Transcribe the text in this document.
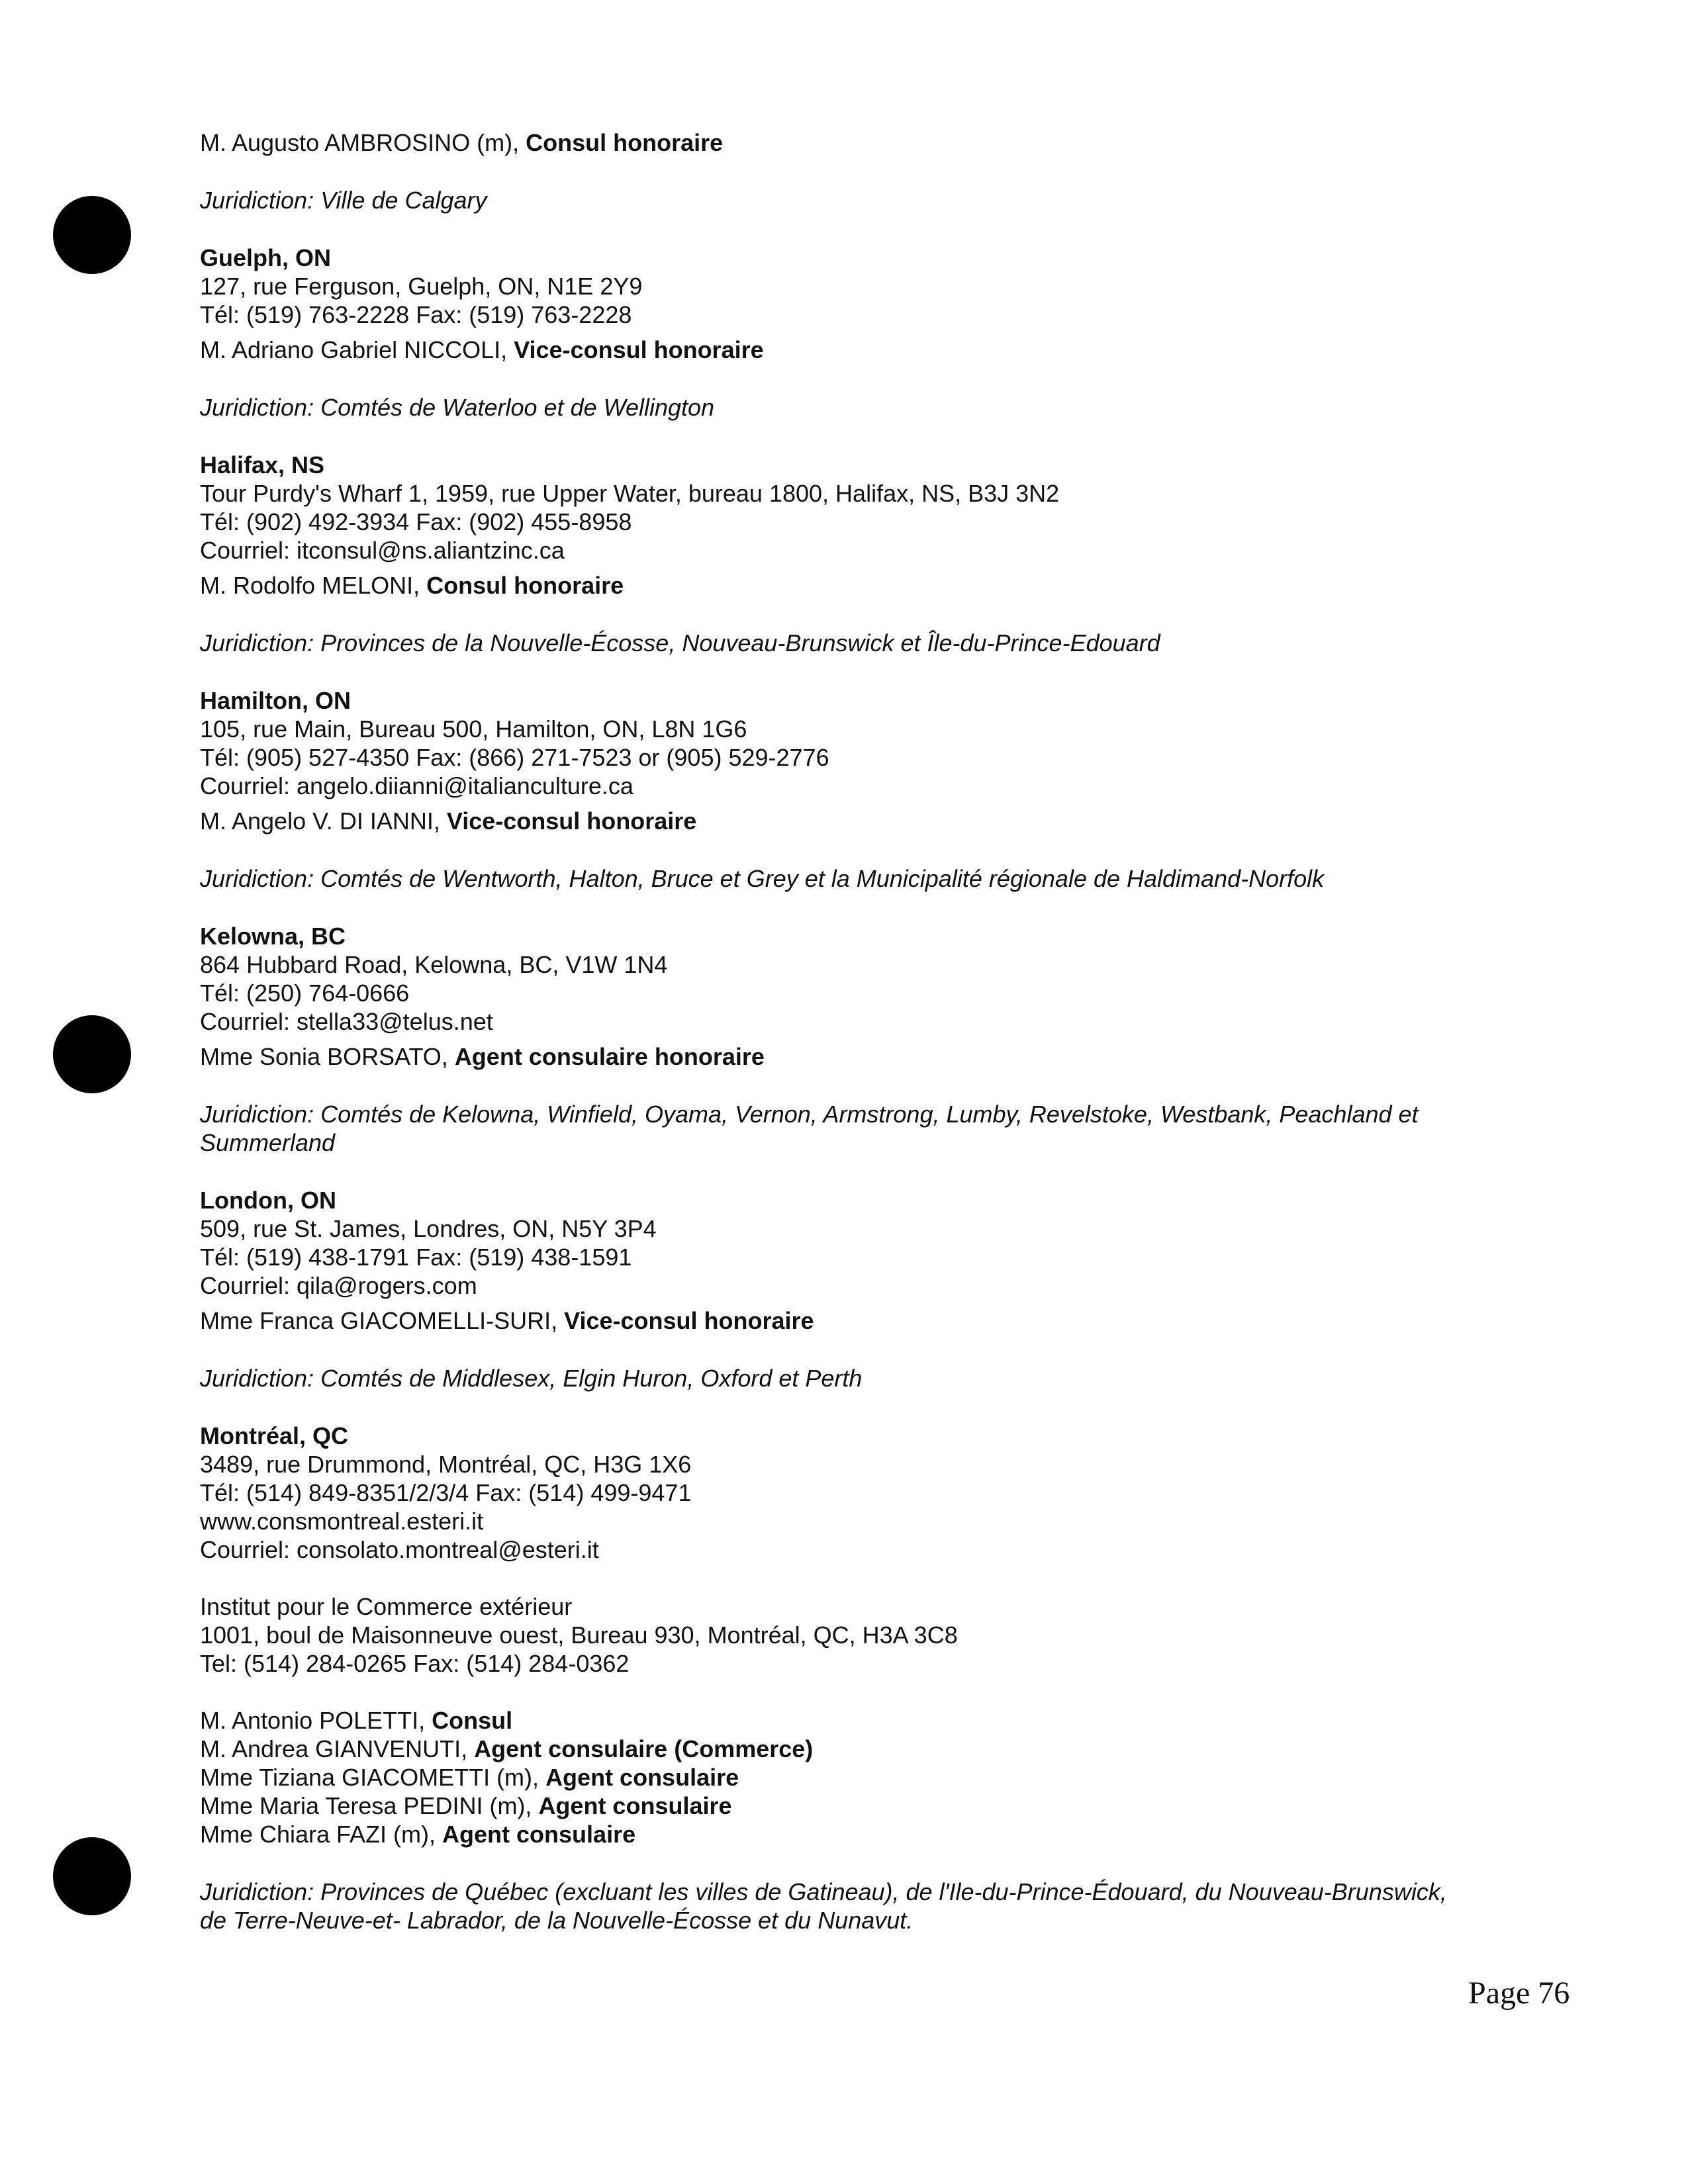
M. Augusto AMBROSINO (m), Consul honoraire

Juridiction: Ville de Calgary

Guelph, ON

127, rue Ferguson, Guelph, ON, N1E 2Y9

Tél: (519) 763-2228 Fax: (519) 763-2228

M. Adriano Gabriel NICCOLI, Vice-consul honoraire

Juridiction: Comtés de Waterloo et de Wellington

Halifax, NS

Tour Purdy's Wharf 1, 1959, rue Upper Water, bureau 1800, Halifax, NS, B3J 3N2

Tél: (902) 492-3934 Fax: (902) 455-8958

Courriel: itconsul@ns.aliantzinc.ca

M. Rodolfo MELONI, Consul honoraire

Juridiction: Provinces de la Nouvelle-Écosse, Nouveau-Brunswick et Île-du-Prince-Edouard

Hamilton, ON

105, rue Main, Bureau 500, Hamilton, ON, L8N 1G6

Tél: (905) 527-4350 Fax: (866) 271-7523 or (905) 529-2776

Courriel: angelo.diianni@italianculture.ca

M. Angelo V. DI IANNI, Vice-consul honoraire

Juridiction: Comtés de Wentworth, Halton, Bruce et Grey et la Municipalité régionale de Haldimand-Norfolk

Kelowna, BC

864 Hubbard Road, Kelowna, BC, V1W 1N4

Tél: (250) 764-0666

Courriel: stella33@telus.net

Mme Sonia BORSATO, Agent consulaire honoraire

Juridiction: Comtés de Kelowna, Winfield, Oyama, Vernon, Armstrong, Lumby, Revelstoke, Westbank, Peachland et Summerland

London, ON

509, rue St. James, Londres, ON, N5Y 3P4

Tél: (519) 438-1791 Fax: (519) 438-1591

Courriel: qila@rogers.com

Mme Franca GIACOMELLI-SURI, Vice-consul honoraire

Juridiction: Comtés de Middlesex, Elgin Huron, Oxford et Perth

Montréal, QC

3489, rue Drummond, Montréal, QC, H3G 1X6

Tél: (514) 849-8351/2/3/4 Fax: (514) 499-9471

www.consmontreal.esteri.it

Courriel: consolato.montreal@esteri.it

Institut pour le Commerce extérieur

1001, boul de Maisonneuve ouest, Bureau 930, Montréal, QC, H3A 3C8

Tel: (514) 284-0265 Fax: (514) 284-0362

M. Antonio POLETTI, Consul

M. Andrea GIANVENUTI, Agent consulaire (Commerce)

Mme Tiziana GIACOMETTI (m), Agent consulaire

Mme Maria Teresa PEDINI (m), Agent consulaire

Mme Chiara FAZI (m), Agent consulaire

Juridiction: Provinces de Québec (excluant les villes de Gatineau), de l'Ile-du-Prince-Édouard, du Nouveau-Brunswick,

de Terre-Neuve-et- Labrador, de la Nouvelle-Écosse et du Nunavut.

Page 76
